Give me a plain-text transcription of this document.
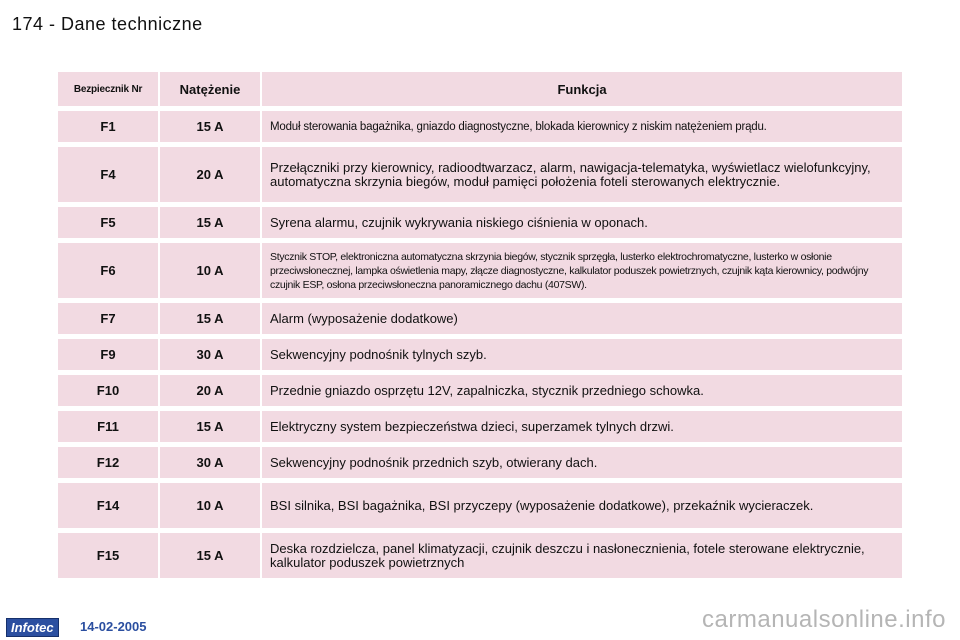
174 - Dane techniczne
Bezpiecznik Nr	Natężenie	Funkcja
F1	15 A	Moduł sterowania bagażnika, gniazdo diagnostyczne, blokada kierownicy z niskim natężeniem prądu.
F4	20 A	Przełączniki przy kierownicy, radioodtwarzacz, alarm, nawigacja-telematyka, wyświetlacz wielofunkcyjny, automatyczna skrzynia biegów, moduł pamięci położenia foteli sterowanych elektrycznie.
F5	15 A	Syrena alarmu, czujnik wykrywania niskiego ciśnienia w oponach.
F6	10 A	Stycznik STOP, elektroniczna automatyczna skrzynia biegów, stycznik sprzęgła, lusterko elektrochromatyczne, lusterko w osłonie przeciwsłonecznej, lampka oświetlenia mapy, złącze diagnostyczne, kalkulator poduszek powietrznych, czujnik kąta kierownicy, podwójny czujnik ESP, osłona przeciwsłoneczna panoramicznego dachu (407SW).
F7	15 A	Alarm (wyposażenie dodatkowe)
F9	30 A	Sekwencyjny podnośnik tylnych szyb.
F10	20 A	Przednie gniazdo osprzętu 12V, zapalniczka, stycznik przedniego schowka.
F11	15 A	Elektryczny system bezpieczeństwa dzieci, superzamek tylnych drzwi.
F12	30 A	Sekwencyjny podnośnik przednich szyb, otwierany dach.
F14	10 A	BSI silnika, BSI bagażnika, BSI przyczepy (wyposażenie dodatkowe), przekaźnik wycieraczek.
F15	15 A	Deska rozdzielcza, panel klimatyzacji, czujnik deszczu i nasłonecznienia, fotele sterowane elektrycznie, kalkulator poduszek powietrznych
Infotec	14-02-2005	carmanualsonline.info
